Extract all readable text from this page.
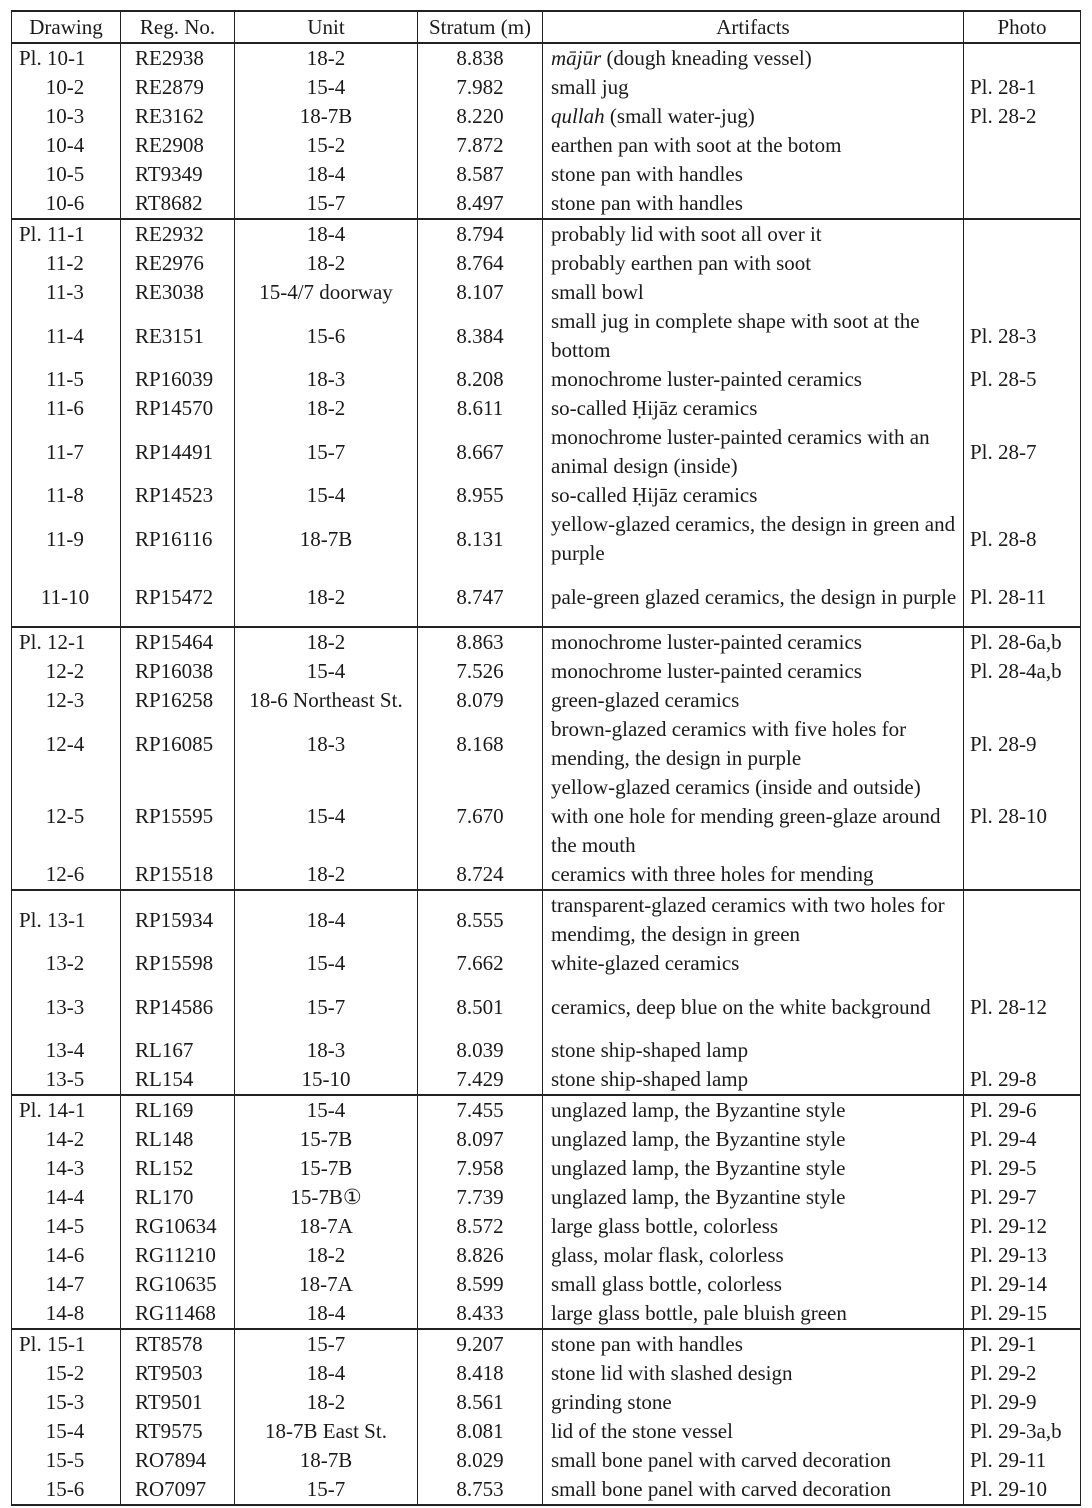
Drawing	Reg. No.	Unit	Stratum (m)	Artifacts	Photo
Pl. 10-1	RE2938	18-2	8.838	mājūr (dough kneading vessel)	
10-2	RE2879	15-4	7.982	small jug	Pl. 28-1
10-3	RE3162	18-7B	8.220	qullah (small water-jug)	Pl. 28-2
10-4	RE2908	15-2	7.872	earthen pan with soot at the botom	
10-5	RT9349	18-4	8.587	stone pan with handles	
10-6	RT8682	15-7	8.497	stone pan with handles	
Pl. 11-1	RE2932	18-4	8.794	probably lid with soot all over it	
11-2	RE2976	18-2	8.764	probably earthen pan with soot	
11-3	RE3038	15-4/7 doorway	8.107	small bowl	
11-4	RE3151	15-6	8.384	small jug in complete shape with soot at the bottom	Pl. 28-3
11-5	RP16039	18-3	8.208	monochrome luster-painted ceramics	Pl. 28-5
11-6	RP14570	18-2	8.611	so-called Ḥijāz ceramics	
11-7	RP14491	15-7	8.667	monochrome luster-painted ceramics with an animal design (inside)	Pl. 28-7
11-8	RP14523	15-4	8.955	so-called Ḥijāz ceramics	
11-9	RP16116	18-7B	8.131	yellow-glazed ceramics, the design in green and purple	Pl. 28-8
11-10	RP15472	18-2	8.747	pale-green glazed ceramics, the design in purple	Pl. 28-11
Pl. 12-1	RP15464	18-2	8.863	monochrome luster-painted ceramics	Pl. 28-6a,b
12-2	RP16038	15-4	7.526	monochrome luster-painted ceramics	Pl. 28-4a,b
12-3	RP16258	18-6 Northeast St.	8.079	green-glazed ceramics	
12-4	RP16085	18-3	8.168	brown-glazed ceramics with five holes for mending, the design in purple	Pl. 28-9
12-5	RP15595	15-4	7.670	yellow-glazed ceramics (inside and outside) with one hole for mending green-glaze around the mouth	Pl. 28-10
12-6	RP15518	18-2	8.724	ceramics with three holes for mending	
Pl. 13-1	RP15934	18-4	8.555	transparent-glazed ceramics with two holes for mendimg, the design in green	
13-2	RP15598	15-4	7.662	white-glazed ceramics	
13-3	RP14586	15-7	8.501	ceramics, deep blue on the white background	Pl. 28-12
13-4	RL167	18-3	8.039	stone ship-shaped lamp	
13-5	RL154	15-10	7.429	stone ship-shaped lamp	Pl. 29-8
Pl. 14-1	RL169	15-4	7.455	unglazed lamp, the Byzantine style	Pl. 29-6
14-2	RL148	15-7B	8.097	unglazed lamp, the Byzantine style	Pl. 29-4
14-3	RL152	15-7B	7.958	unglazed lamp, the Byzantine style	Pl. 29-5
14-4	RL170	15-7B①	7.739	unglazed lamp, the Byzantine style	Pl. 29-7
14-5	RG10634	18-7A	8.572	large glass bottle, colorless	Pl. 29-12
14-6	RG11210	18-2	8.826	glass, molar flask, colorless	Pl. 29-13
14-7	RG10635	18-7A	8.599	small glass bottle, colorless	Pl. 29-14
14-8	RG11468	18-4	8.433	large glass bottle, pale bluish green	Pl. 29-15
Pl. 15-1	RT8578	15-7	9.207	stone pan with handles	Pl. 29-1
15-2	RT9503	18-4	8.418	stone lid with slashed design	Pl. 29-2
15-3	RT9501	18-2	8.561	grinding stone	Pl. 29-9
15-4	RT9575	18-7B East St.	8.081	lid of the stone vessel	Pl. 29-3a,b
15-5	RO7894	18-7B	8.029	small bone panel with carved decoration	Pl. 29-11
15-6	RO7097	15-7	8.753	small bone panel with carved decoration	Pl. 29-10
